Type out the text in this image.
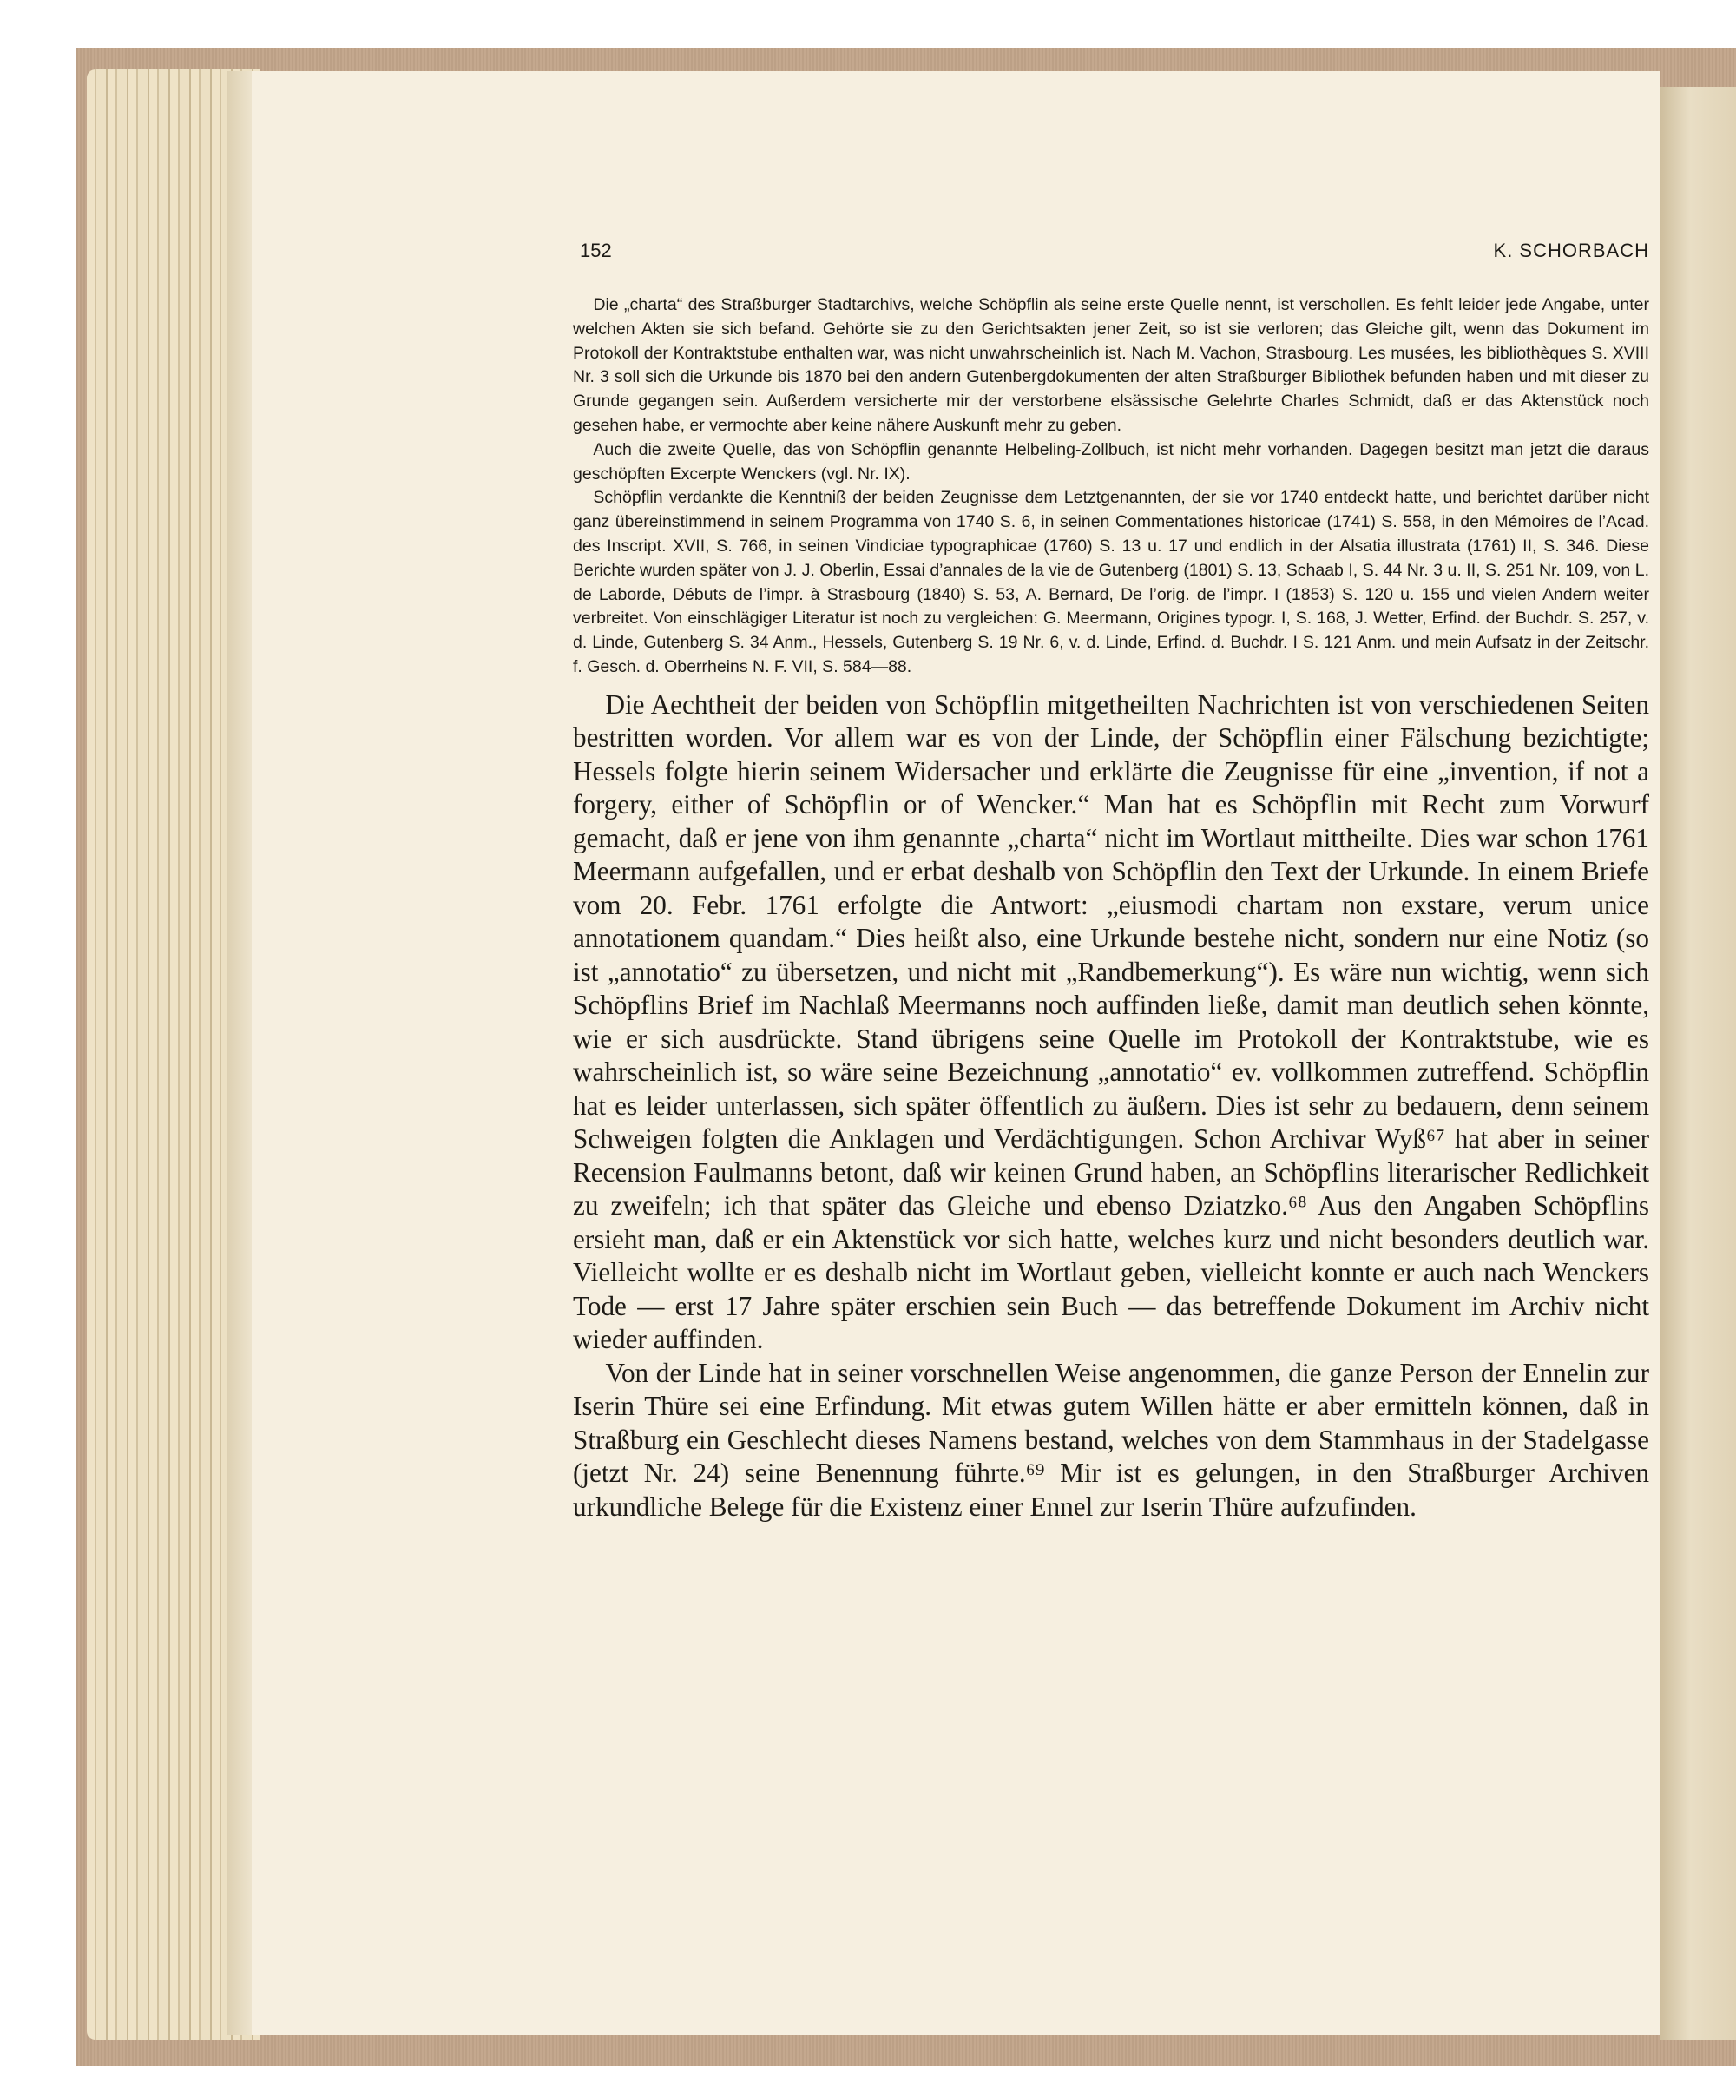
152	K. SCHORBACH

Die „charta“ des Straßburger Stadtarchivs, welche Schöpflin als seine erste Quelle nennt, ist verschollen. Es fehlt leider jede Angabe, unter welchen Akten sie sich befand. Gehörte sie zu den Gerichtsakten jener Zeit, so ist sie verloren; das Gleiche gilt, wenn das Dokument im Protokoll der Kontraktstube enthalten war, was nicht unwahrscheinlich ist. Nach M. Vachon, Strasbourg. Les musées, les bibliothèques S. XVIII Nr. 3 soll sich die Urkunde bis 1870 bei den andern Gutenbergdokumenten der alten Straßburger Bibliothek befunden haben und mit dieser zu Grunde gegangen sein. Außerdem versicherte mir der verstorbene elsässische Gelehrte Charles Schmidt, daß er das Aktenstück noch gesehen habe, er vermochte aber keine nähere Auskunft mehr zu geben.

Auch die zweite Quelle, das von Schöpflin genannte Helbeling-Zollbuch, ist nicht mehr vorhanden. Dagegen besitzt man jetzt die daraus geschöpften Excerpte Wenckers (vgl. Nr. IX).

Schöpflin verdankte die Kenntniß der beiden Zeugnisse dem Letztgenannten, der sie vor 1740 entdeckt hatte, und berichtet darüber nicht ganz übereinstimmend in seinem Programma von 1740 S. 6, in seinen Commentationes historicae (1741) S. 558, in den Mémoires de l’Acad. des Inscript. XVII, S. 766, in seinen Vindiciae typographicae (1760) S. 13 u. 17 und endlich in der Alsatia illustrata (1761) II, S. 346. Diese Berichte wurden später von J. J. Oberlin, Essai d’annales de la vie de Gutenberg (1801) S. 13, Schaab I, S. 44 Nr. 3 u. II, S. 251 Nr. 109, von L. de Laborde, Débuts de l’impr. à Strasbourg (1840) S. 53, A. Bernard, De l’orig. de l’impr. I (1853) S. 120 u. 155 und vielen Andern weiter verbreitet. Von einschlägiger Literatur ist noch zu vergleichen: G. Meermann, Origines typogr. I, S. 168, J. Wetter, Erfind. der Buchdr. S. 257, v. d. Linde, Gutenberg S. 34 Anm., Hessels, Gutenberg S. 19 Nr. 6, v. d. Linde, Erfind. d. Buchdr. I S. 121 Anm. und mein Aufsatz in der Zeitschr. f. Gesch. d. Oberrheins N. F. VII, S. 584—88.

Die Aechtheit der beiden von Schöpflin mitgetheilten Nachrichten ist von verschiedenen Seiten bestritten worden. Vor allem war es von der Linde, der Schöpflin einer Fälschung bezichtigte; Hessels folgte hierin seinem Widersacher und erklärte die Zeugnisse für eine „invention, if not a forgery, either of Schöpflin or of Wencker.“ Man hat es Schöpflin mit Recht zum Vorwurf gemacht, daß er jene von ihm genannte „charta“ nicht im Wortlaut mittheilte. Dies war schon 1761 Meermann aufgefallen, und er erbat deshalb von Schöpflin den Text der Urkunde. In einem Briefe vom 20. Febr. 1761 erfolgte die Antwort: „eiusmodi chartam non exstare, verum unice annotationem quandam.“ Dies heißt also, eine Urkunde bestehe nicht, sondern nur eine Notiz (so ist „annotatio“ zu übersetzen, und nicht mit „Randbemerkung“). Es wäre nun wichtig, wenn sich Schöpflins Brief im Nachlaß Meermanns noch auffinden ließe, damit man deutlich sehen könnte, wie er sich ausdrückte. Stand übrigens seine Quelle im Protokoll der Kontraktstube, wie es wahrscheinlich ist, so wäre seine Bezeichnung „annotatio“ ev. vollkommen zutreffend. Schöpflin hat es leider unterlassen, sich später öffentlich zu äußern. Dies ist sehr zu bedauern, denn seinem Schweigen folgten die Anklagen und Verdächtigungen. Schon Archivar Wyß⁶⁷ hat aber in seiner Recension Faulmanns betont, daß wir keinen Grund haben, an Schöpflins literarischer Redlichkeit zu zweifeln; ich that später das Gleiche und ebenso Dziatzko.⁶⁸ Aus den Angaben Schöpflins ersieht man, daß er ein Aktenstück vor sich hatte, welches kurz und nicht besonders deutlich war. Vielleicht wollte er es deshalb nicht im Wortlaut geben, vielleicht konnte er auch nach Wenckers Tode — erst 17 Jahre später erschien sein Buch — das betreffende Dokument im Archiv nicht wieder auffinden.

Von der Linde hat in seiner vorschnellen Weise angenommen, die ganze Person der Ennelin zur Iserin Thüre sei eine Erfindung. Mit etwas gutem Willen hätte er aber ermitteln können, daß in Straßburg ein Geschlecht dieses Namens bestand, welches von dem Stammhaus in der Stadelgasse (jetzt Nr. 24) seine Benennung führte.⁶⁹ Mir ist es gelungen, in den Straßburger Archiven urkundliche Belege für die Existenz einer Ennel zur Iserin Thüre aufzufinden.
